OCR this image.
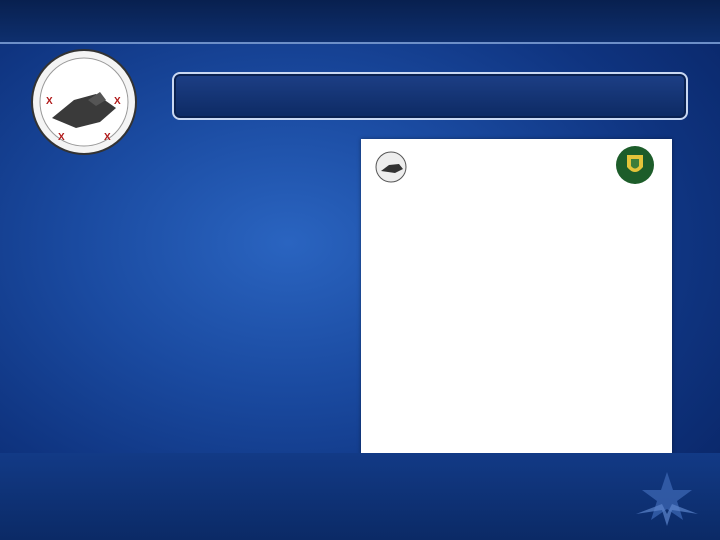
X	X
X	X
